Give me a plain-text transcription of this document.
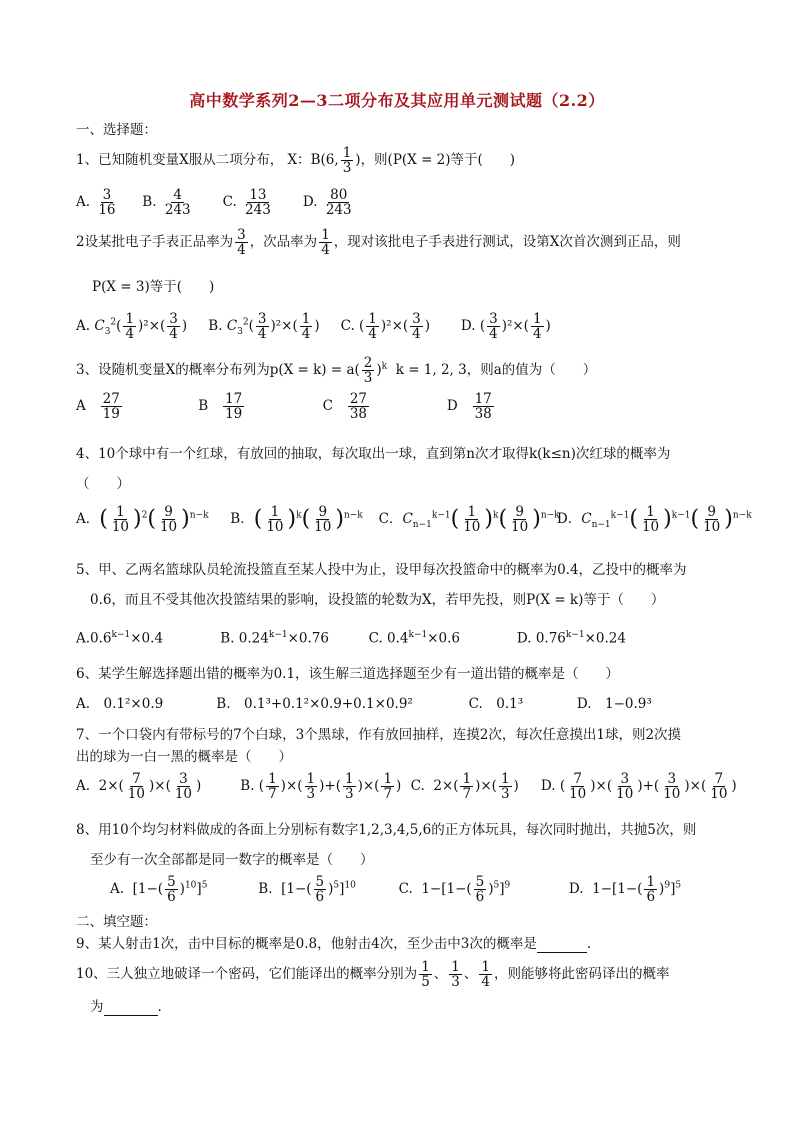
高中数学系列2—3二项分布及其应用单元测试题（2.2）
一、选择题：
1、已知随机变量X服从二项分布， X：B(6, $\frac{1}{3}$ )，则(P(X = 2)等于(　　)
A. $\frac{3}{16} B$. $\frac{4}{243} C$. $\frac{13}{243} D$. $\frac{80}{243}$
2设某批电子手表正品率为 $\frac{3}{4}$ ，次品率为 $\frac{1}{4}$ ，现对该批电子手表进行测试，设第X次首次测到正品，则
P(X = 3)等于(　　)
A. $C_3^2( \frac{1}{4} )^2\times( \frac{3}{4}$ ) B. $C_3^2( \frac{3}{4} )^2\times( \frac{1}{4}$ ) C. ( $\frac{1}{4} )^2\times( \frac{3}{4}$ ) D. ( $\frac{3}{4} )^2\times( \frac{1}{4}$ )
3、设随机变量X的概率分布列为$p(X = k) = a( \frac{2}{3} )^k$ k = 1, 2, 3，则a的值为（　　）
A $\frac{27}{19}$	B $\frac{17}{19}$	C $\frac{27}{38}$	D $\frac{17}{38}$
4、10个球中有一个红球，有放回的抽取，每次取出一球，直到第n次才取得k(k≤n)次红球的概率为
（　　）
A．( $\frac{1}{10} )^2( \frac{9}{10} )^{n-k}$ B．( $\frac{1}{10} )^k( \frac{9}{10} )^{n-k}$ C．$C_{n-1}^{k-1}( \frac{1}{10} )^k( \frac{9}{10} )^{n-k}$ D．$C_{n-1}^{k-1}( \frac{1}{10} )^{k-1}( \frac{9}{10} )^{n-k}$
5、甲、乙两名篮球队员轮流投篮直至某人投中为止，设甲每次投篮命中的概率为0.4，乙投中的概率为
0.6，而且不受其他次投篮结果的影响，设投篮的轮数为X，若甲先投，则P(X = k)等于（　　）
$A.0.6^{k-1}\times 0.4$	B. $0.24^{k-1}\times 0.76$	C. $0.4^{k-1}\times 0.6$	D. $0.76^{k-1}\times 0.24$
6、某学生解选择题出错的概率为0.1，该生解三道选择题至少有一道出错的概率是（　　）
A.　0.1²×0.9	B.　0.1³+0.1²×0.9+0.1×0.9²	C.　0.1³	D.　1−0.9³
7、一个口袋内有带标号的7个白球，3个黑球，作有放回抽样，连摸2次，每次任意摸出1球，则2次摸
出的球为一白一黑的概率是（　　）
A.  $2\times( \frac{7}{10}$ )×( $\frac{3}{10}$ )	B. ( $\frac{1}{7}$ )×( $\frac{1}{3}$ )+( $\frac{1}{3}$ )×( $\frac{1}{7}$ ) C.  $2\times( \frac{1}{7}$ )×( $\frac{1}{3}$ ) D. ( $\frac{7}{10}$ )×( $\frac{3}{10}$ )+( $\frac{3}{10}$ )×( $\frac{7}{10}$ )
8、用10个均匀材料做成的各面上分别标有数字1,2,3,4,5,6的正方体玩具，每次同时抛出，共抛5次，则
至少有一次全部都是同一数字的概率是（　　）
A.  $[1-( \frac{5}{6} )^{10}]^5$	B.  $[1-( \frac{5}{6} )^5]^{10}$	C.  $1-[1-( \frac{5}{6} )^5]^9$	D.  $1-[1-( \frac{1}{6} )^9]^5$
二、填空题：
9、某人射击1次，击中目标的概率是0.8，他射击4次，至少击中3次的概率是	.
10、三人独立地破译一个密码，它们能译出的概率分别为 $\frac{1}{5}$ 、 $\frac{1}{3}$ 、 $\frac{1}{4}$ ，则能够将此密码译出的概率
为	.
